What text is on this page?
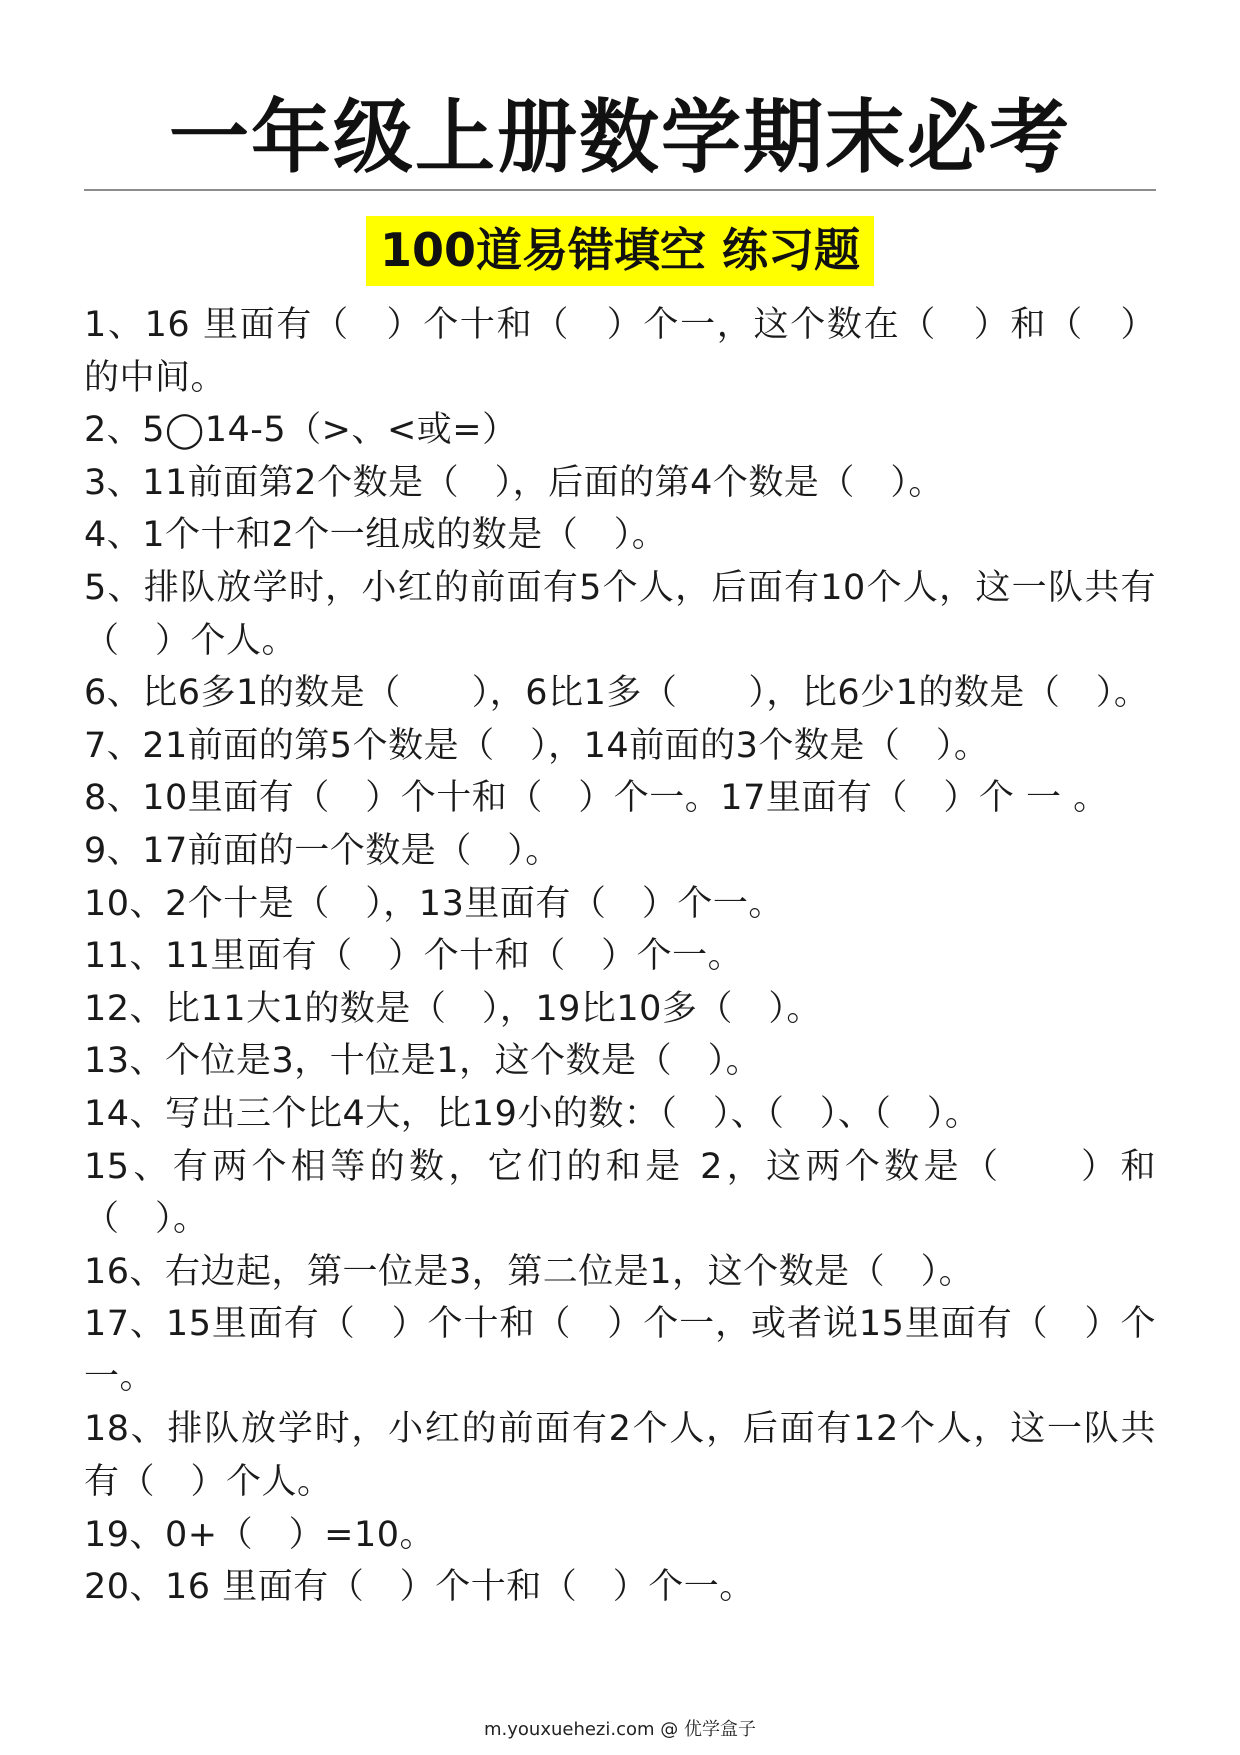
一年级上册数学期末必考
100道易错填空 练习题
1、16 里面有（　）个十和（　）个一，这个数在（　）和（　）的中间。
2、5◯14-5（>、<或=）
3、11前面第2个数是（　），后面的第4个数是（　）。
4、1个十和2个一组成的数是（　）。
5、排队放学时，小红的前面有5个人，后面有10个人，这一队共有（　）个人。
6、比6多1的数是（　　），6比1多（　　），比6少1的数是（　）。
7、21前面的第5个数是（　），14前面的3个数是（　）。
8、10里面有（　）个十和（　）个一。17里面有（　）个 一 。
9、17前面的一个数是（　）。
10、2个十是（　），13里面有（　）个一。
11、11里面有（　）个十和（　）个一。
12、比11大1的数是（　），19比10多（　）。
13、个位是3，十位是1，这个数是（　）。
14、写出三个比4大，比19小的数：（　）、（　）、（　）。
15、有两个相等的数，它们的和是 2，这两个数是（　　）和（　）。
16、右边起，第一位是3，第二位是1，这个数是（　）。
17、15里面有（　）个十和（　）个一，或者说15里面有（　）个一。
18、排队放学时，小红的前面有2个人，后面有12个人，这一队共有（　）个人。
19、0+（　）=10。
20、16 里面有（　）个十和（　）个一。
m.youxuehezi.com @ 优学盒子
